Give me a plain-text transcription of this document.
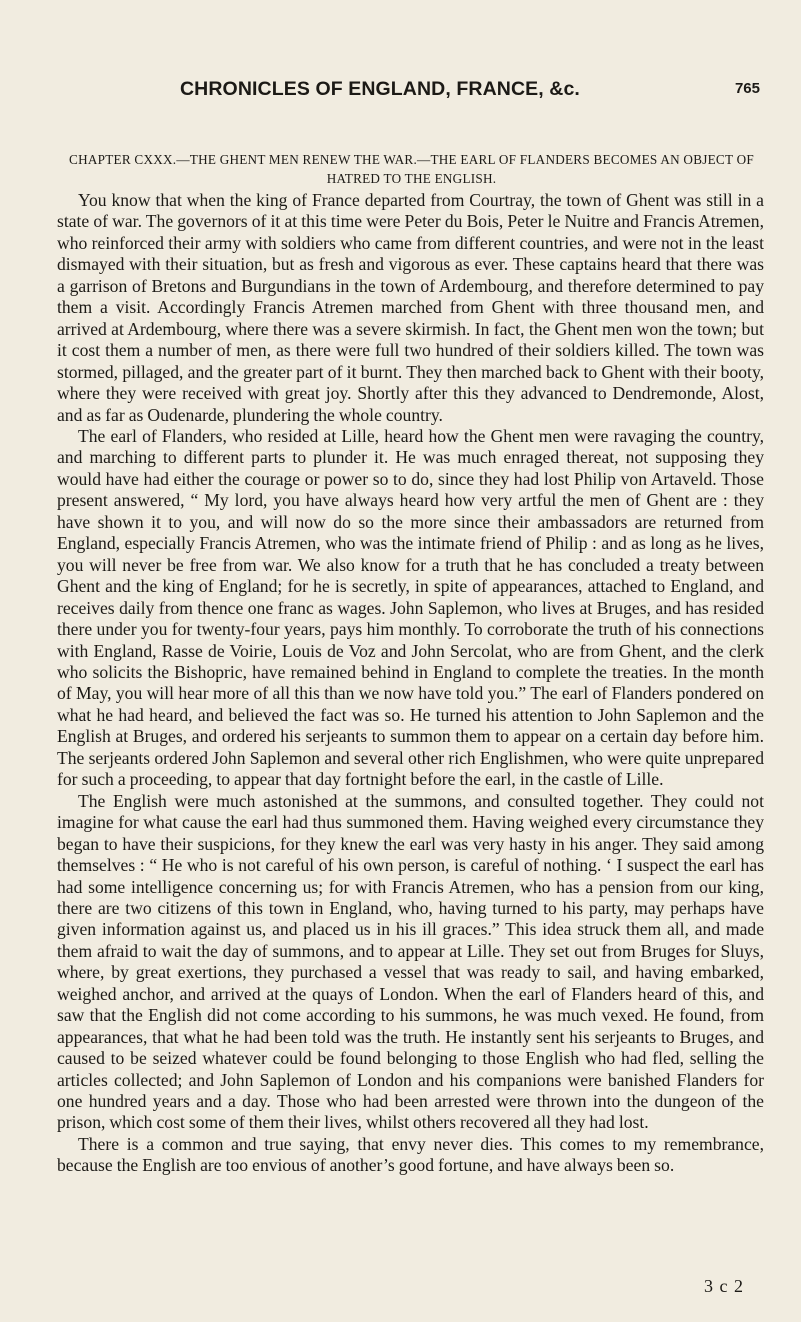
CHRONICLES OF ENGLAND, FRANCE, &c.	765
CHAPTER CXXX.—THE GHENT MEN RENEW THE WAR.—THE EARL OF FLANDERS BECOMES AN OBJECT OF HATRED TO THE ENGLISH.

You know that when the king of France departed from Courtray, the town of Ghent was still in a state of war. The governors of it at this time were Peter du Bois, Peter le Nuitre and Francis Atremen, who reinforced their army with soldiers who came from different countries, and were not in the least dismayed with their situation, but as fresh and vigorous as ever. These captains heard that there was a garrison of Bretons and Burgundians in the town of Ardembourg, and therefore determined to pay them a visit. Accordingly Francis Atremen marched from Ghent with three thousand men, and arrived at Ardembourg, where there was a severe skirmish. In fact, the Ghent men won the town; but it cost them a number of men, as there were full two hundred of their soldiers killed. The town was stormed, pillaged, and the greater part of it burnt. They then marched back to Ghent with their booty, where they were received with great joy. Shortly after this they advanced to Dendremonde, Alost, and as far as Oudenarde, plundering the whole country.

The earl of Flanders, who resided at Lille, heard how the Ghent men were ravaging the country, and marching to different parts to plunder it. He was much enraged thereat, not supposing they would have had either the courage or power so to do, since they had lost Philip von Artaveld. Those present answered, “ My lord, you have always heard how very artful the men of Ghent are : they have shown it to you, and will now do so the more since their ambassadors are returned from England, especially Francis Atremen, who was the intimate friend of Philip : and as long as he lives, you will never be free from war. We also know for a truth that he has concluded a treaty between Ghent and the king of England; for he is secretly, in spite of appearances, attached to England, and receives daily from thence one franc as wages. John Saplemon, who lives at Bruges, and has resided there under you for twenty-four years, pays him monthly. To corroborate the truth of his connections with England, Rasse de Voirie, Louis de Voz and John Sercolat, who are from Ghent, and the clerk who solicits the Bishopric, have remained behind in England to complete the treaties. In the month of May, you will hear more of all this than we now have told you.” The earl of Flanders pondered on what he had heard, and believed the fact was so. He turned his attention to John Saplemon and the English at Bruges, and ordered his serjeants to summon them to appear on a certain day before him. The serjeants ordered John Saplemon and several other rich Englishmen, who were quite unprepared for such a proceeding, to appear that day fortnight before the earl, in the castle of Lille.

The English were much astonished at the summons, and consulted together. They could not imagine for what cause the earl had thus summoned them. Having weighed every circumstance they began to have their suspicions, for they knew the earl was very hasty in his anger. They said among themselves : “ He who is not careful of his own person, is careful of nothing. ‘ I suspect the earl has had some intelligence concerning us; for with Francis Atremen, who has a pension from our king, there are two citizens of this town in England, who, having turned to his party, may perhaps have given information against us, and placed us in his ill graces.” This idea struck them all, and made them afraid to wait the day of summons, and to appear at Lille. They set out from Bruges for Sluys, where, by great exertions, they purchased a vessel that was ready to sail, and having embarked, weighed anchor, and arrived at the quays of London. When the earl of Flanders heard of this, and saw that the English did not come according to his summons, he was much vexed. He found, from appearances, that what he had been told was the truth. He instantly sent his serjeants to Bruges, and caused to be seized whatever could be found belonging to those English who had fled, selling the articles collected; and John Saplemon of London and his companions were banished Flanders for one hundred years and a day. Those who had been arrested were thrown into the dungeon of the prison, which cost some of them their lives, whilst others recovered all they had lost.

There is a common and true saying, that envy never dies. This comes to my remembrance, because the English are too envious of another’s good fortune, and have always been so.

3 c 2
